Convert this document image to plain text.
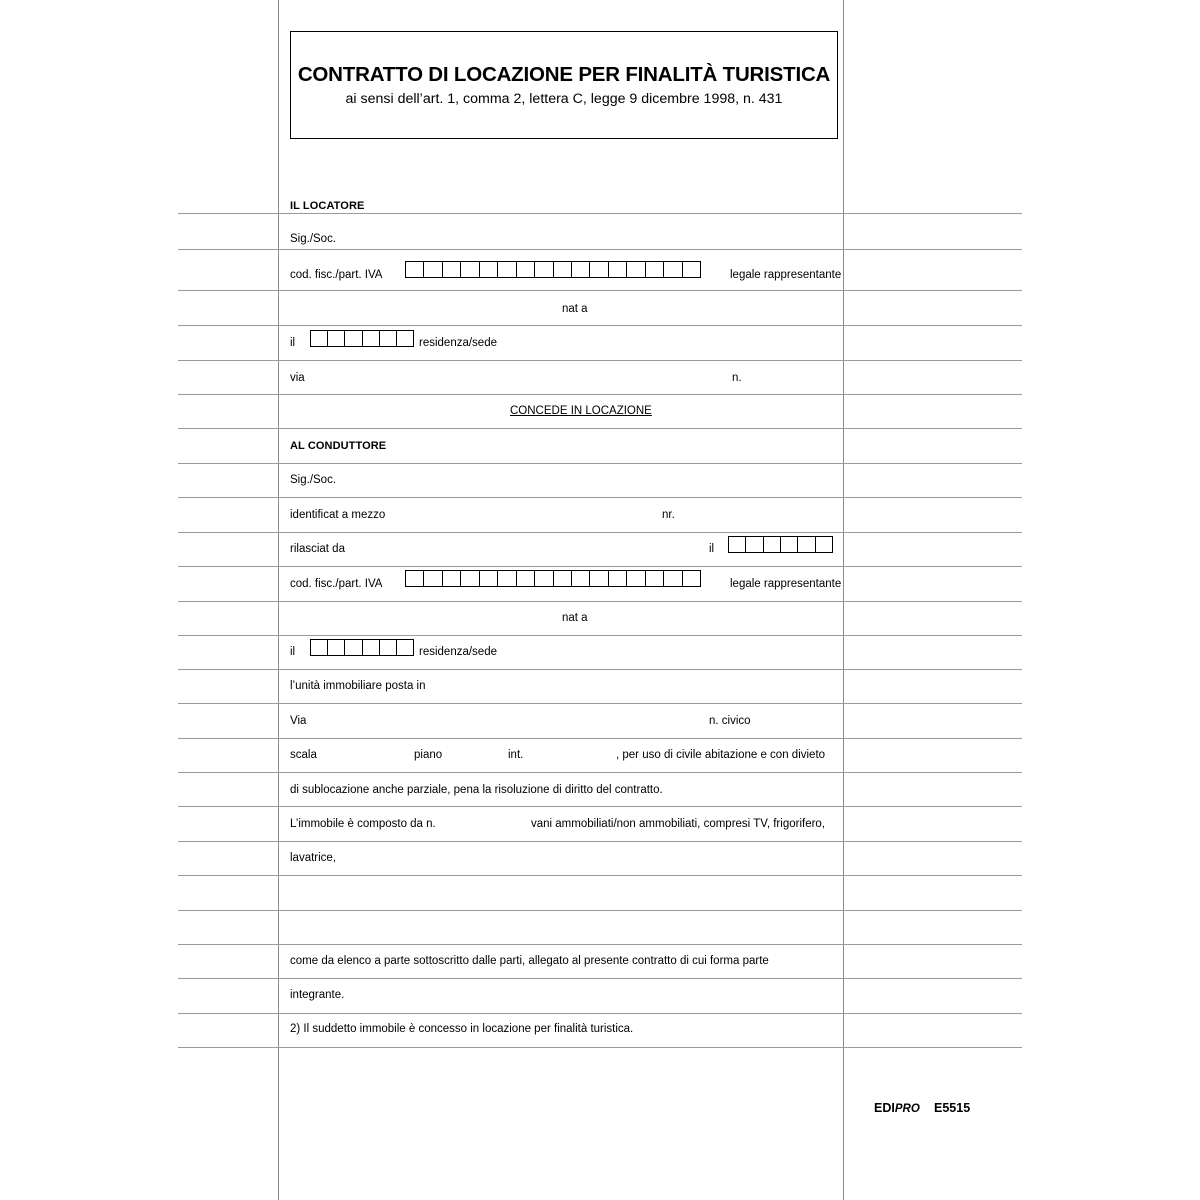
CONTRATTO DI LOCAZIONE PER FINALITÀ TURISTICA
ai sensi dell’art. 1, comma 2, lettera C, legge 9 dicembre 1998, n. 431
IL LOCATORE
Sig./Soc.
cod. fisc./part. IVA	legale rappresentante
nat a
il	residenza/sede
via	n.
CONCEDE IN LOCAZIONE
AL CONDUTTORE
Sig./Soc.
identificat a mezzo	nr.
rilasciat da	il
cod. fisc./part. IVA	legale rappresentante
nat a
il	residenza/sede
l’unità immobiliare posta in
Via	n. civico
scala	piano	int.	, per uso di civile abitazione e con divieto
di sublocazione anche parziale, pena la risoluzione di diritto del contratto.
L’immobile è composto da n.	vani ammobiliati/non ammobiliati, compresi TV, frigorifero,
lavatrice,
come da elenco a parte sottoscritto dalle parti, allegato al presente contratto di cui forma parte
integrante.
2) Il suddetto immobile è concesso in locazione per finalità turistica.
EDIPRO E5515
